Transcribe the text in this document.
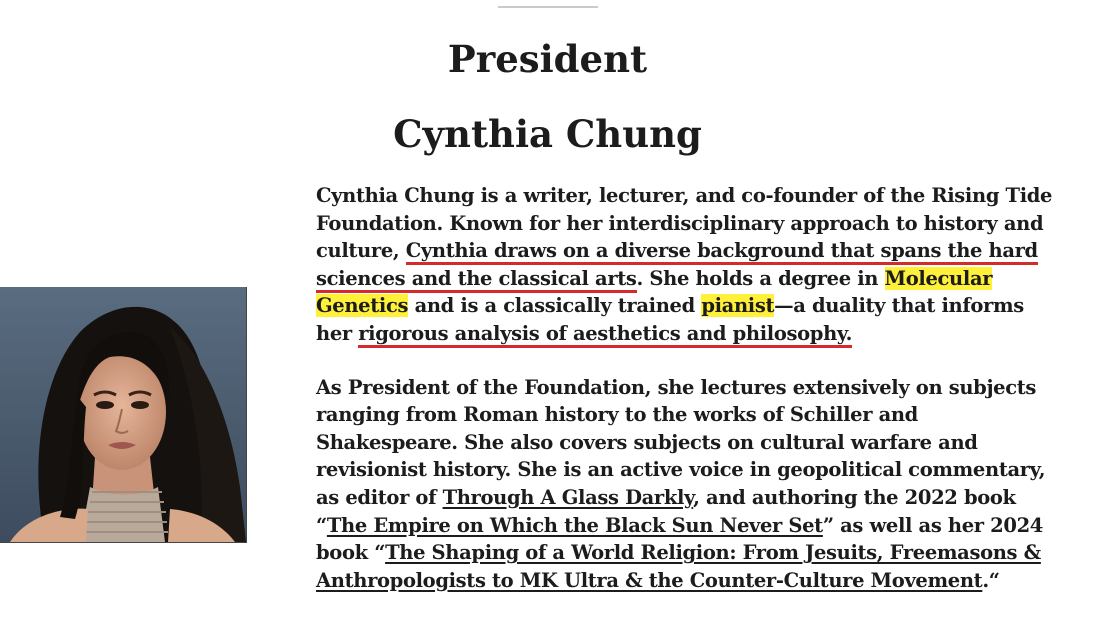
President
Cynthia Chung

Cynthia Chung is a writer, lecturer, and co-founder of the Rising Tide Foundation. Known for her interdisciplinary approach to history and culture, Cynthia draws on a diverse background that spans the hard sciences and the classical arts. She holds a degree in Molecular Genetics and is a classically trained pianist—a duality that informs her rigorous analysis of aesthetics and philosophy.

As President of the Foundation, she lectures extensively on subjects ranging from Roman history to the works of Schiller and Shakespeare. She also covers subjects on cultural warfare and revisionist history. She is an active voice in geopolitical commentary, as editor of Through A Glass Darkly, and authoring the 2022 book “The Empire on Which the Black Sun Never Set” as well as her 2024 book “The Shaping of a World Religion: From Jesuits, Freemasons & Anthropologists to MK Ultra & the Counter-Culture Movement.“
